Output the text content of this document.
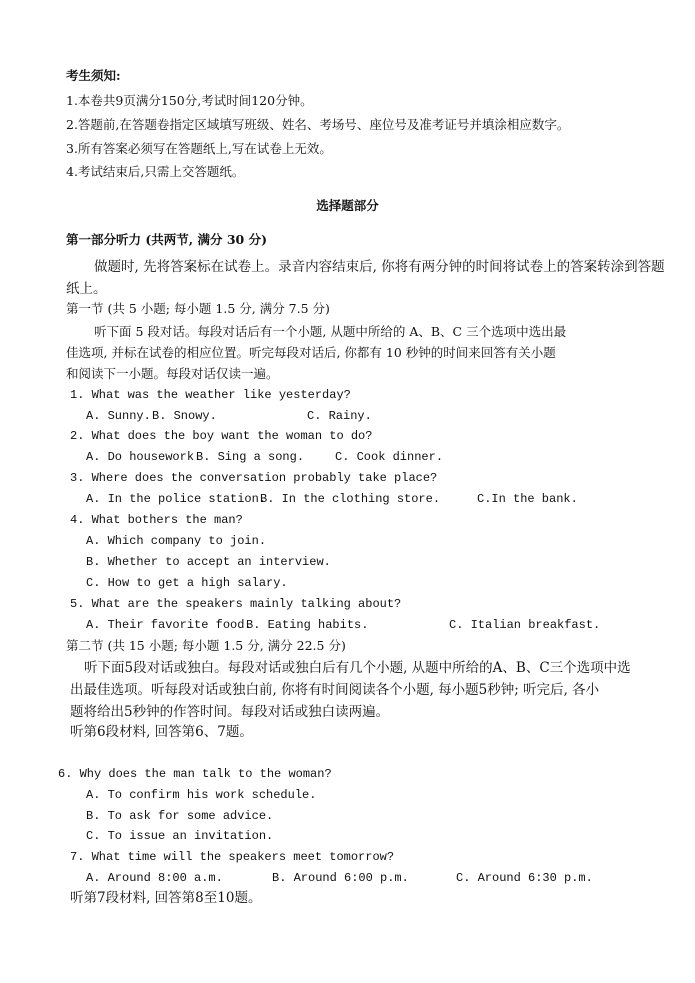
考生须知:
1.本卷共9页满分150分,考试时间120分钟。
2.答题前,在答题卷指定区域填写班级、姓名、考场号、座位号及准考证号并填涂相应数字。
3.所有答案必须写在答题纸上,写在试卷上无效。
4.考试结束后,只需上交答题纸。
选择题部分
第一部分听力 (共两节, 满分 30 分)
做题时, 先将答案标在试卷上。录音内容结束后, 你将有两分钟的时间将试卷上的答案转涂到答题
纸上。
第一节 (共 5 小题; 每小题 1.5 分, 满分 7.5 分)
听下面 5 段对话。每段对话后有一个小题, 从题中所给的 A、B、C 三个选项中选出最
佳选项, 并标在试卷的相应位置。听完每段对话后, 你都有 10 秒钟的时间来回答有关小题
和阅读下一小题。每段对话仅读一遍。
1. What was the weather like yesterday?
A. Sunny. B. Snowy.	C. Rainy.
2. What does the boy want the woman to do?
A. Do housework.
B. Sing a song.	C. Cook dinner.
3. Where does the conversation probably take place?
A. In the police station.
B. In the clothing store.	C.In the bank.
4. What bothers the man?
A. Which company to join.
B. Whether to accept an interview.
C. How to get a high salary.
5. What are the speakers mainly talking about?
A. Their favorite food.
B. Eating habits.	C. Italian breakfast.
第二节 (共 15 小题; 每小题 1.5 分, 满分 22.5 分)
听下面5段对话或独白。每段对话或独白后有几个小题, 从题中所给的A、B、C三个选项中选
出最佳选项。听每段对话或独白前, 你将有时间阅读各个小题, 每小题5秒钟; 听完后, 各小
题将给出5秒钟的作答时间。每段对话或独白读两遍。
听第6段材料, 回答第6、7题。
6. Why does the man talk to the woman?
A. To confirm his work schedule.
B. To ask for some advice.
C. To issue an invitation.
7. What time will the speakers meet tomorrow?
A. Around 8:00 a.m.	B. Around 6:00 p.m.	C. Around 6:30 p.m.
听第7段材料, 回答第8至10题。
